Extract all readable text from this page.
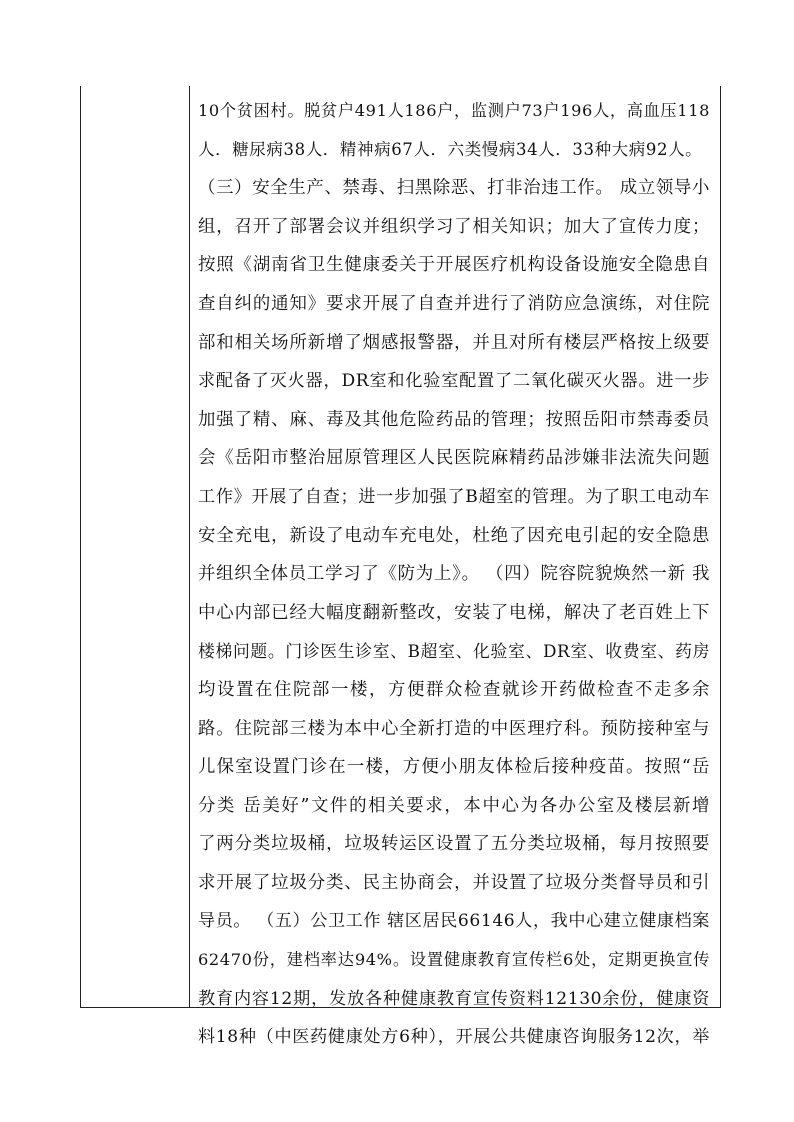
10个贫困村。脱贫户491人186户，监测户73户196人，高血压118
人．糖尿病38人．精神病67人．六类慢病34人．33种大病92人。
（三）安全生产、禁毒、扫黑除恶、打非治违工作。 成立领导小
组，召开了部署会议并组织学习了相关知识；加大了宣传力度；
按照《湖南省卫生健康委关于开展医疗机构设备设施安全隐患自
查自纠的通知》要求开展了自查并进行了消防应急演练，对住院
部和相关场所新增了烟感报警器，并且对所有楼层严格按上级要
求配备了灭火器，DR室和化验室配置了二氧化碳灭火器。进一步
加强了精、麻、毒及其他危险药品的管理；按照岳阳市禁毒委员
会《岳阳市整治屈原管理区人民医院麻精药品涉嫌非法流失问题
工作》开展了自查；进一步加强了B超室的管理。为了职工电动车
安全充电，新设了电动车充电处，杜绝了因充电引起的安全隐患
并组织全体员工学习了《防为上》。 （四）院容院貌焕然一新 我
中心内部已经大幅度翻新整改，安装了电梯，解决了老百姓上下
楼梯问题。门诊医生诊室、B超室、化验室、DR室、收费室、药房
均设置在住院部一楼，方便群众检查就诊开药做检查不走多余
路。住院部三楼为本中心全新打造的中医理疗科。预防接种室与
儿保室设置门诊在一楼，方便小朋友体检后接种疫苗。按照“岳
分类 岳美好”文件的相关要求，本中心为各办公室及楼层新增
了两分类垃圾桶，垃圾转运区设置了五分类垃圾桶，每月按照要
求开展了垃圾分类、民主协商会，并设置了垃圾分类督导员和引
导员。 （五）公卫工作 辖区居民66146人，我中心建立健康档案
62470份，建档率达94%。设置健康教育宣传栏6处，定期更换宣传
教育内容12期，发放各种健康教育宣传资料12130余份，健康资
料18种（中医药健康处方6种），开展公共健康咨询服务12次，举
